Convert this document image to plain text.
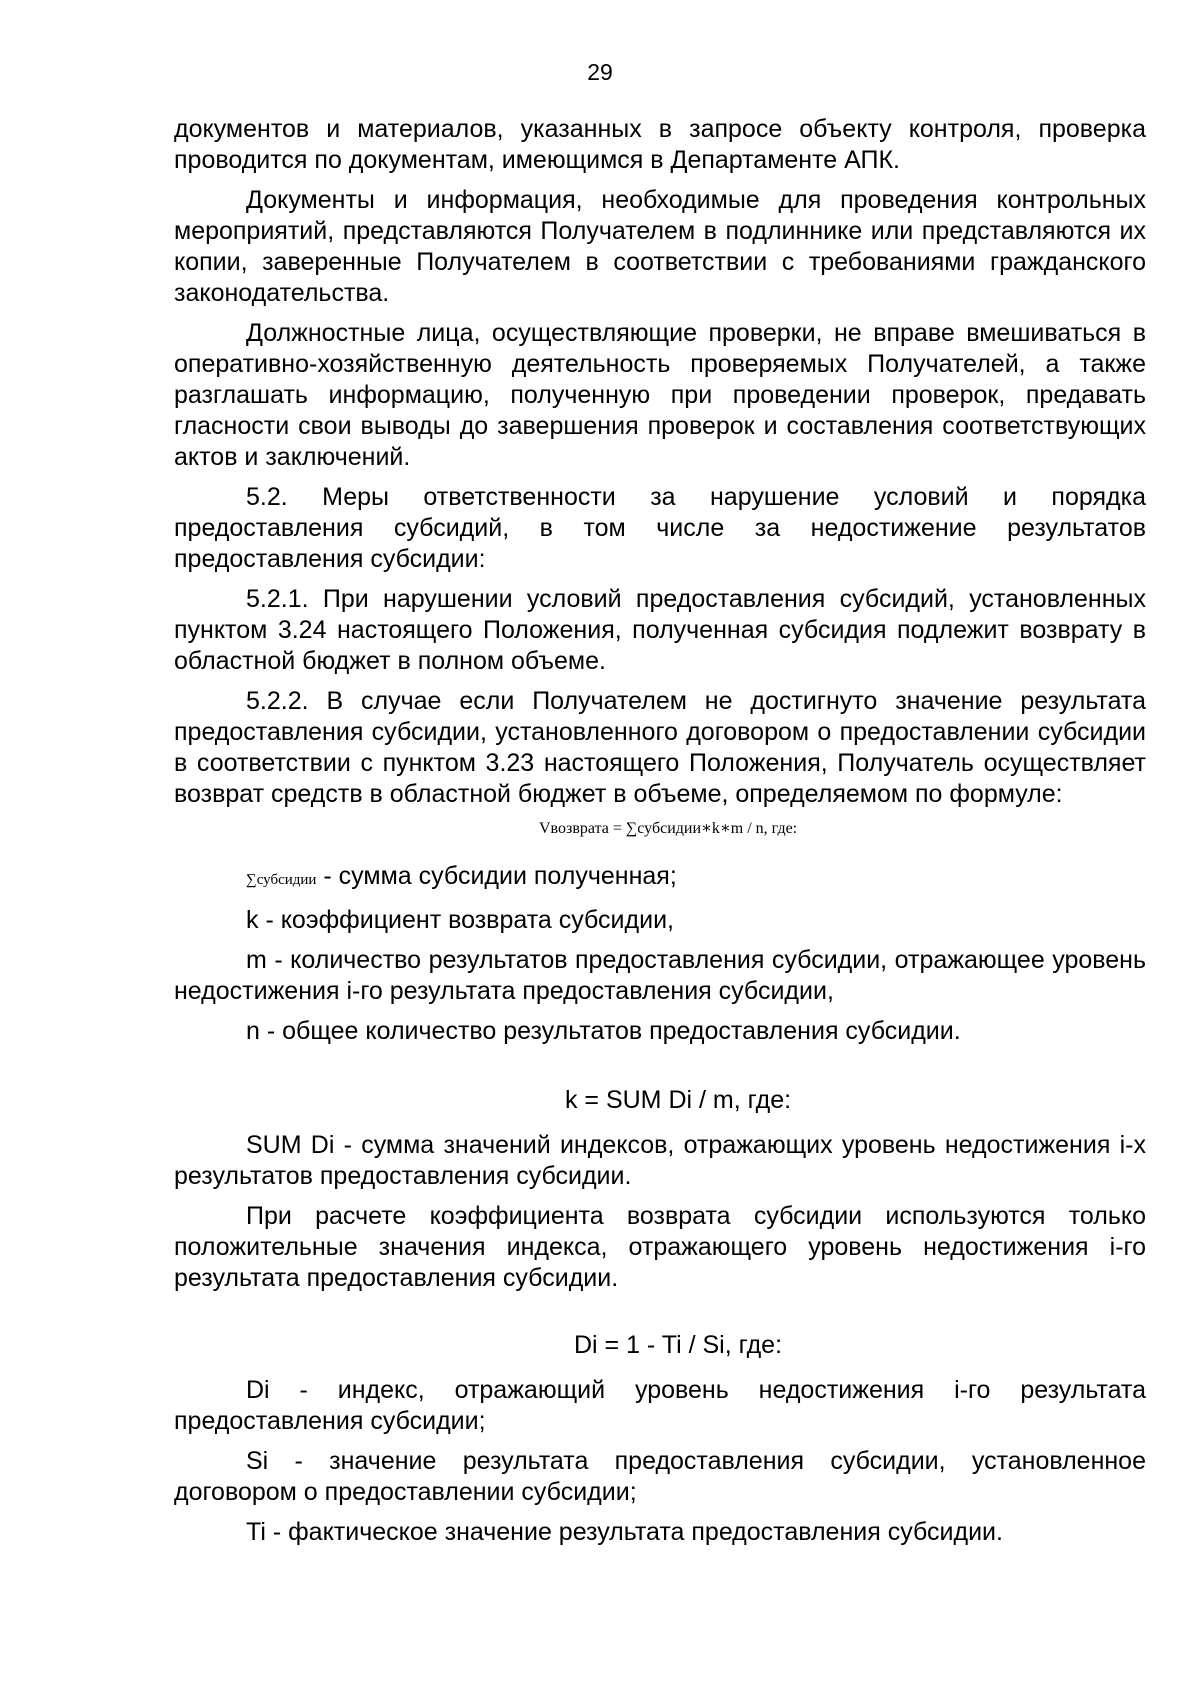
29

документов и материалов, указанных в запросе объекту контроля, проверка проводится по документам, имеющимся в Департаменте АПК.

Документы и информация, необходимые для проведения контрольных мероприятий, представляются Получателем в подлиннике или представляются их копии, заверенные Получателем в соответствии с требованиями гражданского законодательства.

Должностные лица, осуществляющие проверки, не вправе вмешиваться в оперативно-хозяйственную деятельность проверяемых Получателей, а также разглашать информацию, полученную при проведении проверок, предавать гласности свои выводы до завершения проверок и составления соответствующих актов и заключений.

5.2. Меры ответственности за нарушение условий и порядка предоставления субсидий, в том числе за недостижение результатов предоставления субсидии:

5.2.1. При нарушении условий предоставления субсидий, установленных пунктом 3.24 настоящего Положения, полученная субсидия подлежит возврату в областной бюджет в полном объеме.

5.2.2. В случае если Получателем не достигнуто значение результата предоставления субсидии, установленного договором о предоставлении субсидии в соответствии с пунктом 3.23 настоящего Положения, Получатель осуществляет возврат средств в областной бюджет в объеме, определяемом по формуле:

Vвозврата = ∑субсидии∗k∗m / n, где:

∑субсидии - сумма субсидии полученная;

k - коэффициент возврата субсидии,

m - количество результатов предоставления субсидии, отражающее уровень недостижения i-го результата предоставления субсидии,

n - общее количество результатов предоставления субсидии.

k = SUM Di / m, где:

SUM Di - сумма значений индексов, отражающих уровень недостижения i-х результатов предоставления субсидии.

При расчете коэффициента возврата субсидии используются только положительные значения индекса, отражающего уровень недостижения i-го результата предоставления субсидии.

Di = 1 - Ti / Si, где:

Di - индекс, отражающий уровень недостижения i-го результата предоставления субсидии;

Si - значение результата предоставления субсидии, установленное договором о предоставлении субсидии;

Ti - фактическое значение результата предоставления субсидии.
